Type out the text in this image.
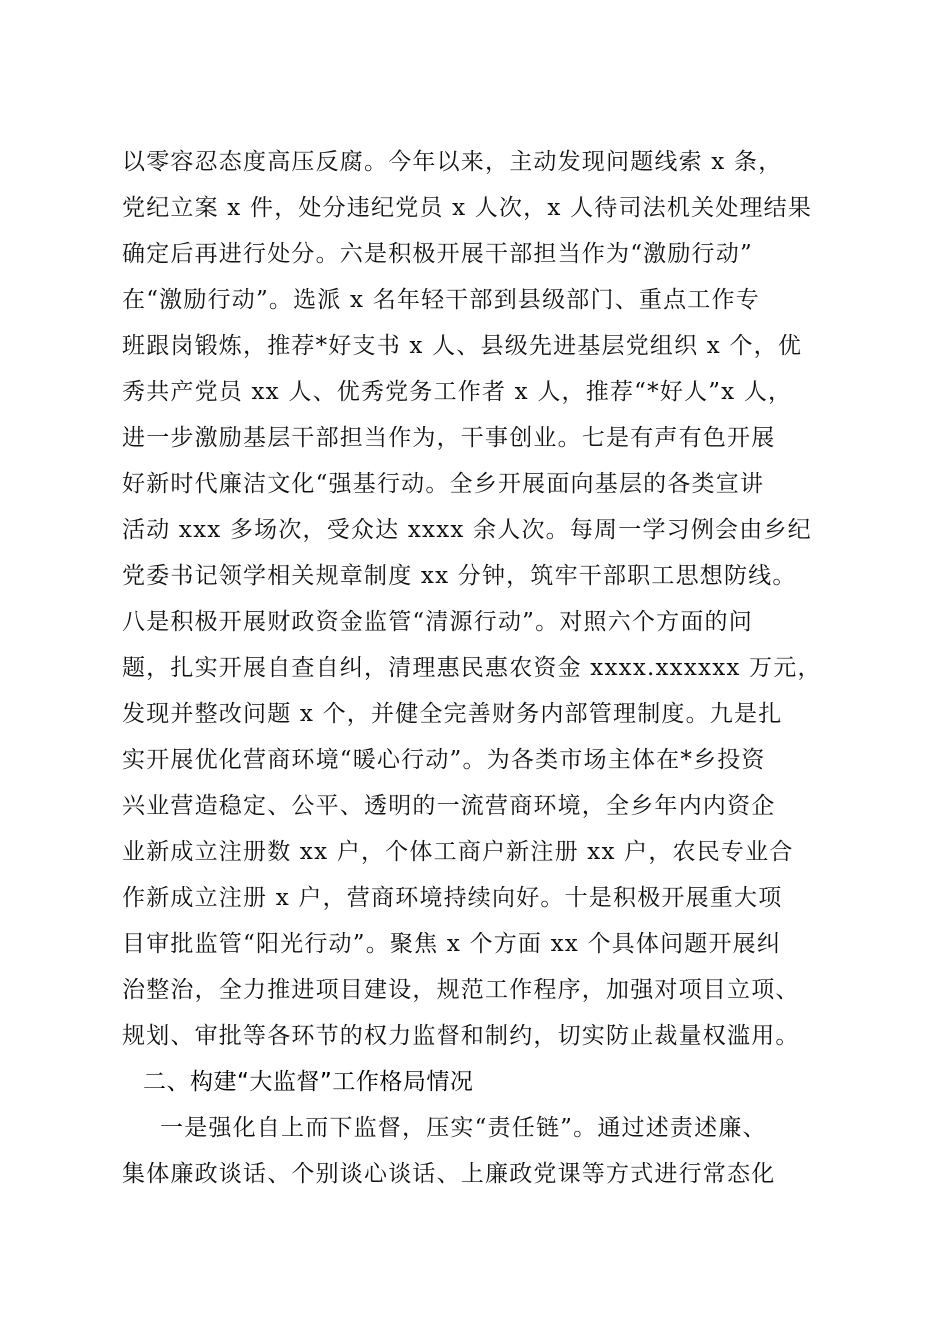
以零容忍态度高压反腐。今年以来，主动发现问题线索 x 条，
党纪立案 x 件，处分违纪党员 x 人次，x 人待司法机关处理结果
确定后再进行处分。六是积极开展干部担当作为“激励行动”
在“激励行动”。选派 x 名年轻干部到县级部门、重点工作专
班跟岗锻炼，推荐*好支书 x 人、县级先进基层党组织 x 个，优
秀共产党员 xx 人、优秀党务工作者 x 人，推荐“*好人”x 人，
进一步激励基层干部担当作为，干事创业。七是有声有色开展
好新时代廉洁文化“强基行动。全乡开展面向基层的各类宣讲
活动 xxx 多场次，受众达 xxxx 余人次。每周一学习例会由乡纪
党委书记领学相关规章制度 xx 分钟，筑牢干部职工思想防线。
八是积极开展财政资金监管“清源行动”。对照六个方面的问
题，扎实开展自查自纠，清理惠民惠农资金 xxxx.xxxxxx 万元，
发现并整改问题 x 个，并健全完善财务内部管理制度。九是扎
实开展优化营商环境“暖心行动”。为各类市场主体在*乡投资
兴业营造稳定、公平、透明的一流营商环境，全乡年内内资企
业新成立注册数 xx 户，个体工商户新注册 xx 户，农民专业合
作新成立注册 x 户，营商环境持续向好。十是积极开展重大项
目审批监管“阳光行动”。聚焦 x 个方面 xx 个具体问题开展纠
治整治，全力推进项目建设，规范工作程序，加强对项目立项、
规划、审批等各环节的权力监督和制约，切实防止裁量权滥用。
二、构建“大监督”工作格局情况
一是强化自上而下监督，压实“责任链”。通过述责述廉、
集体廉政谈话、个别谈心谈话、上廉政党课等方式进行常态化
